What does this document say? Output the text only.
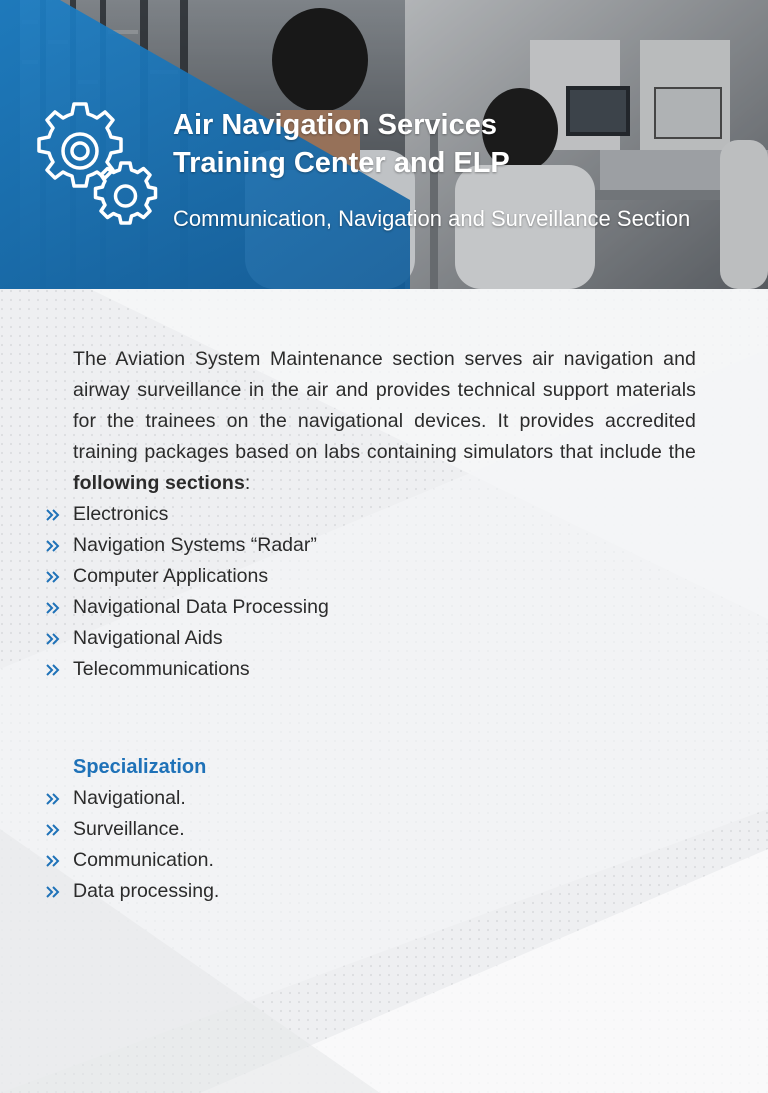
Air Navigation Services
Training Center and ELP
Communication, Navigation and Surveillance Section

The Aviation System Maintenance section serves air navigation and airway surveillance in the air and provides technical support materials for the trainees on the navigational devices. It provides accredited training packages based on labs containing simulators that include the following sections:

Electronics
Navigation Systems “Radar”
Computer Applications
Navigational Data Processing
Navigational Aids
Telecommunications
Specialization
Navigational.
Surveillance.
Communication.
Data processing.
